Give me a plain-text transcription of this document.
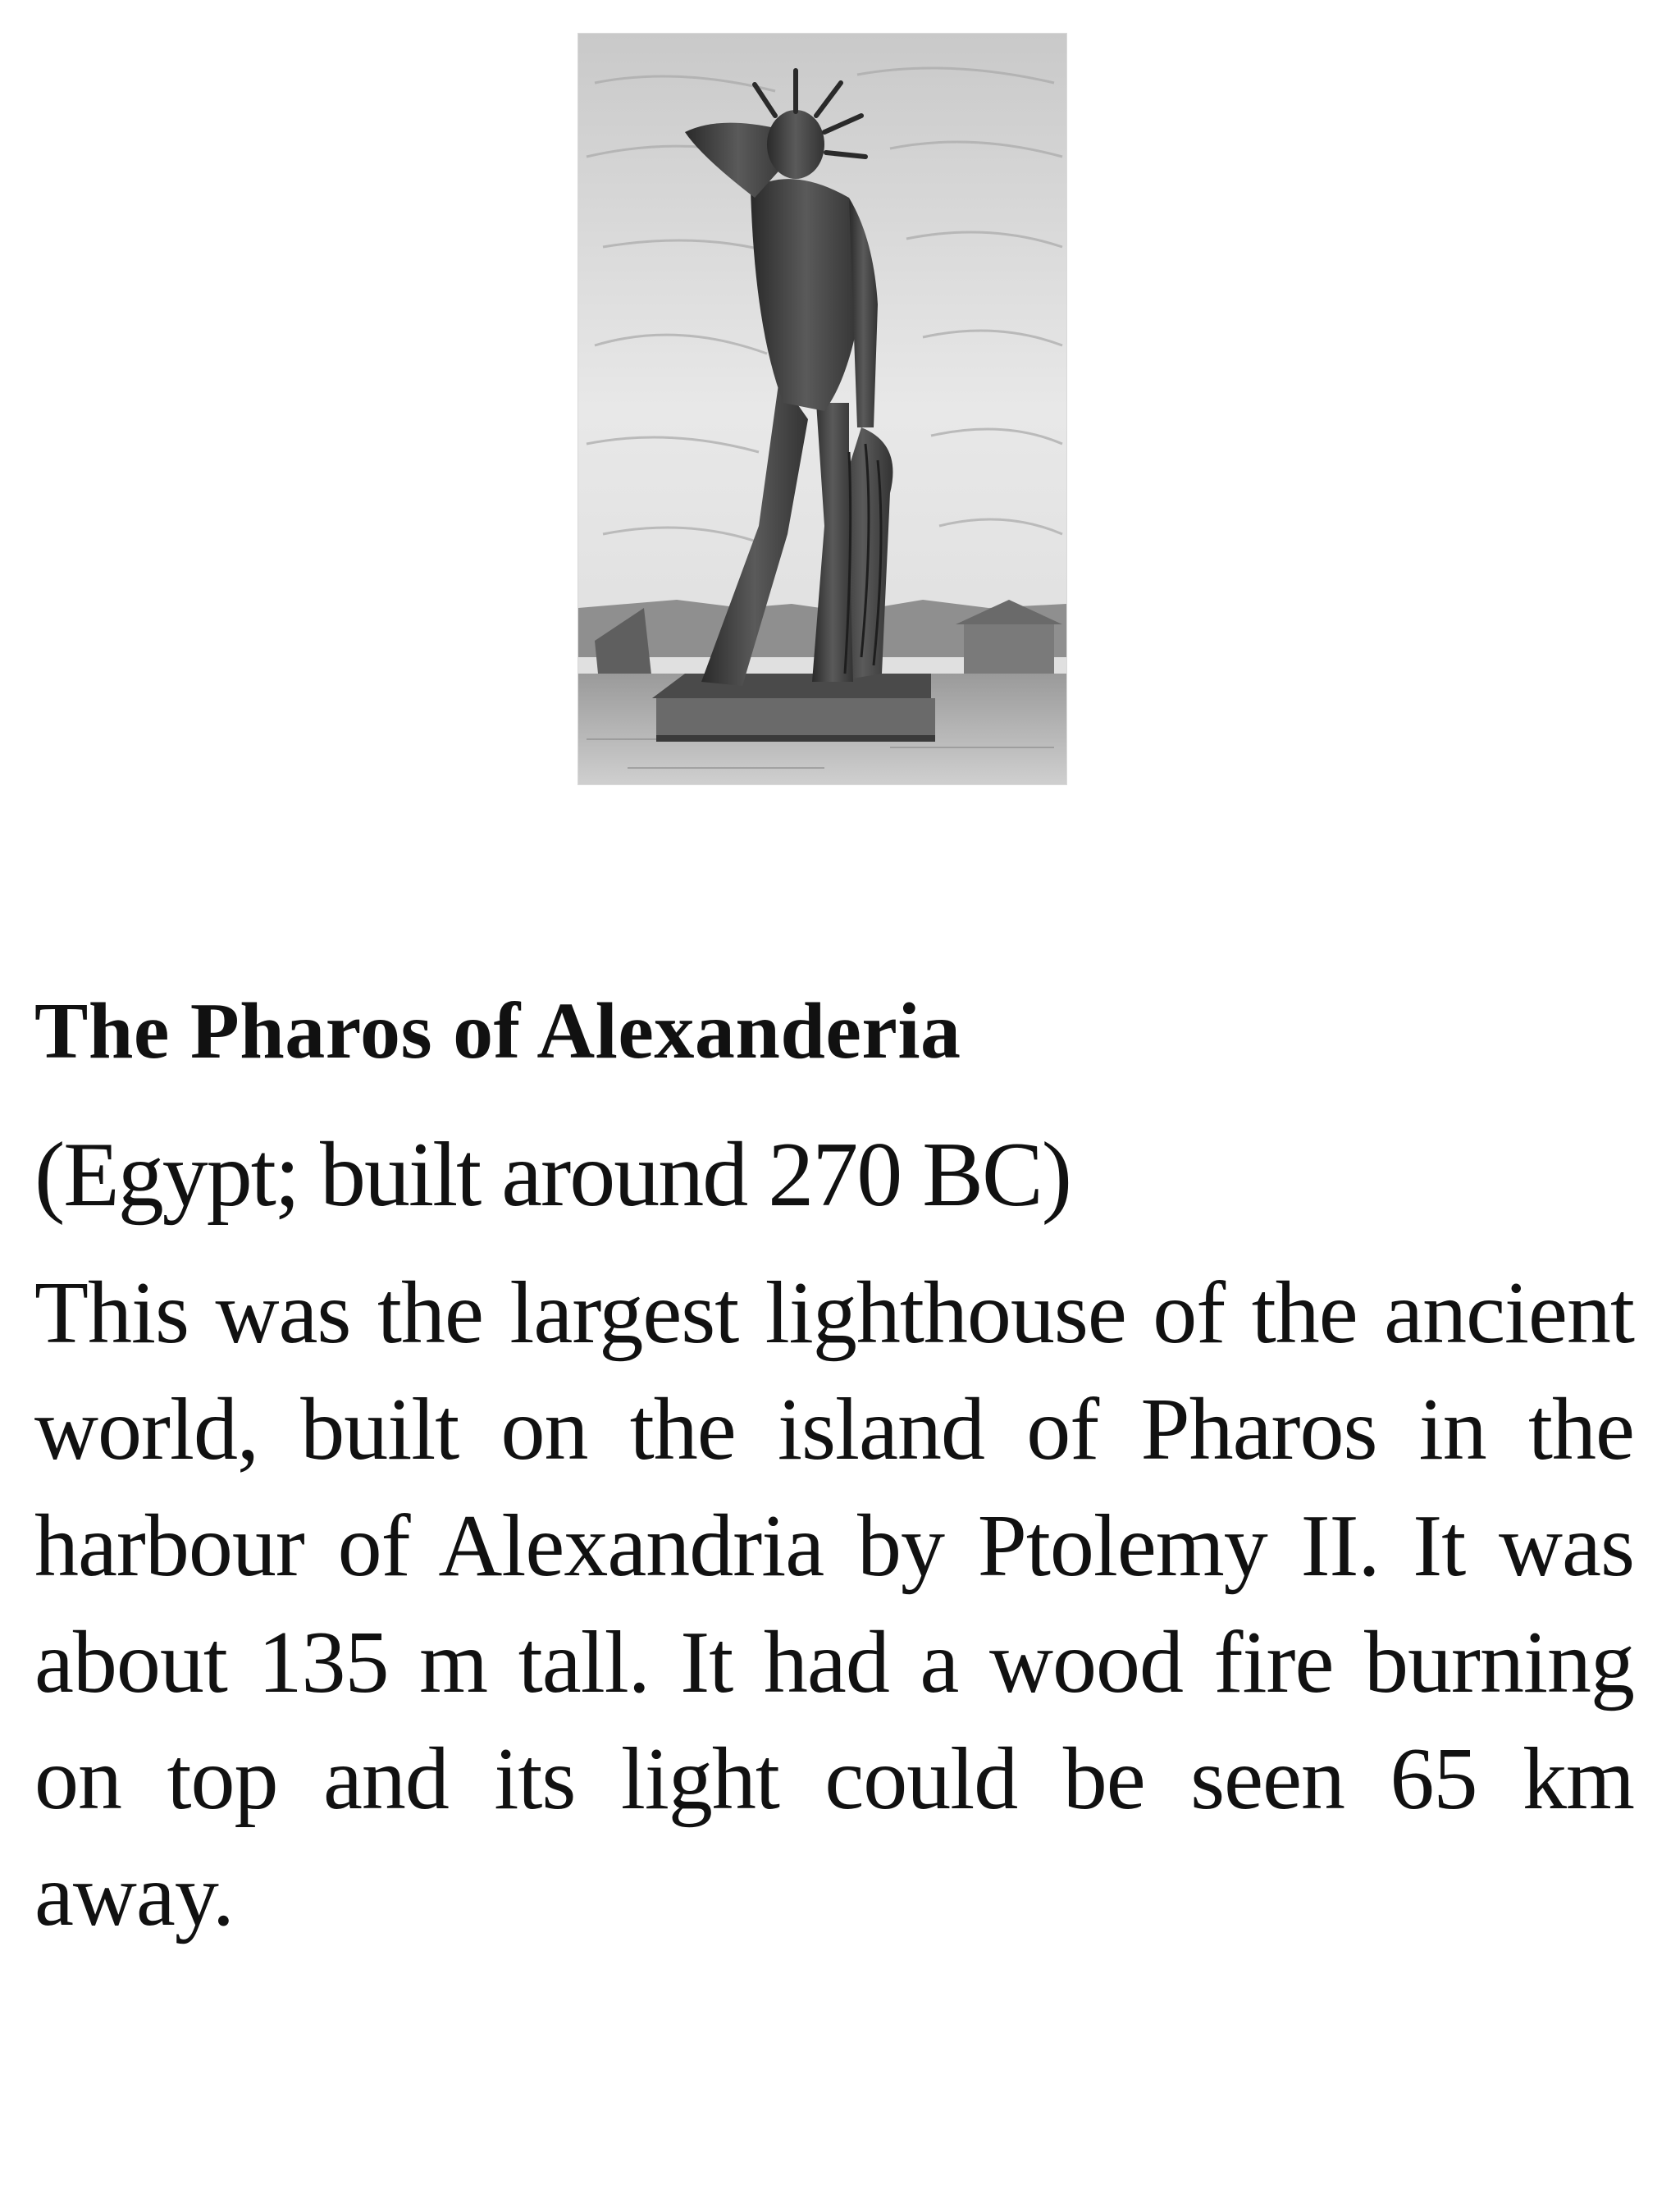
The Pharos of Alexanderia

(Egypt; built around 270 BC)

This was the largest lighthouse of the ancient world, built on the island of Pharos in the harbour of Alexandria by Ptolemy II. It was about 135 m tall. It had a wood fire burning on top and its light could be seen 65 km away.
